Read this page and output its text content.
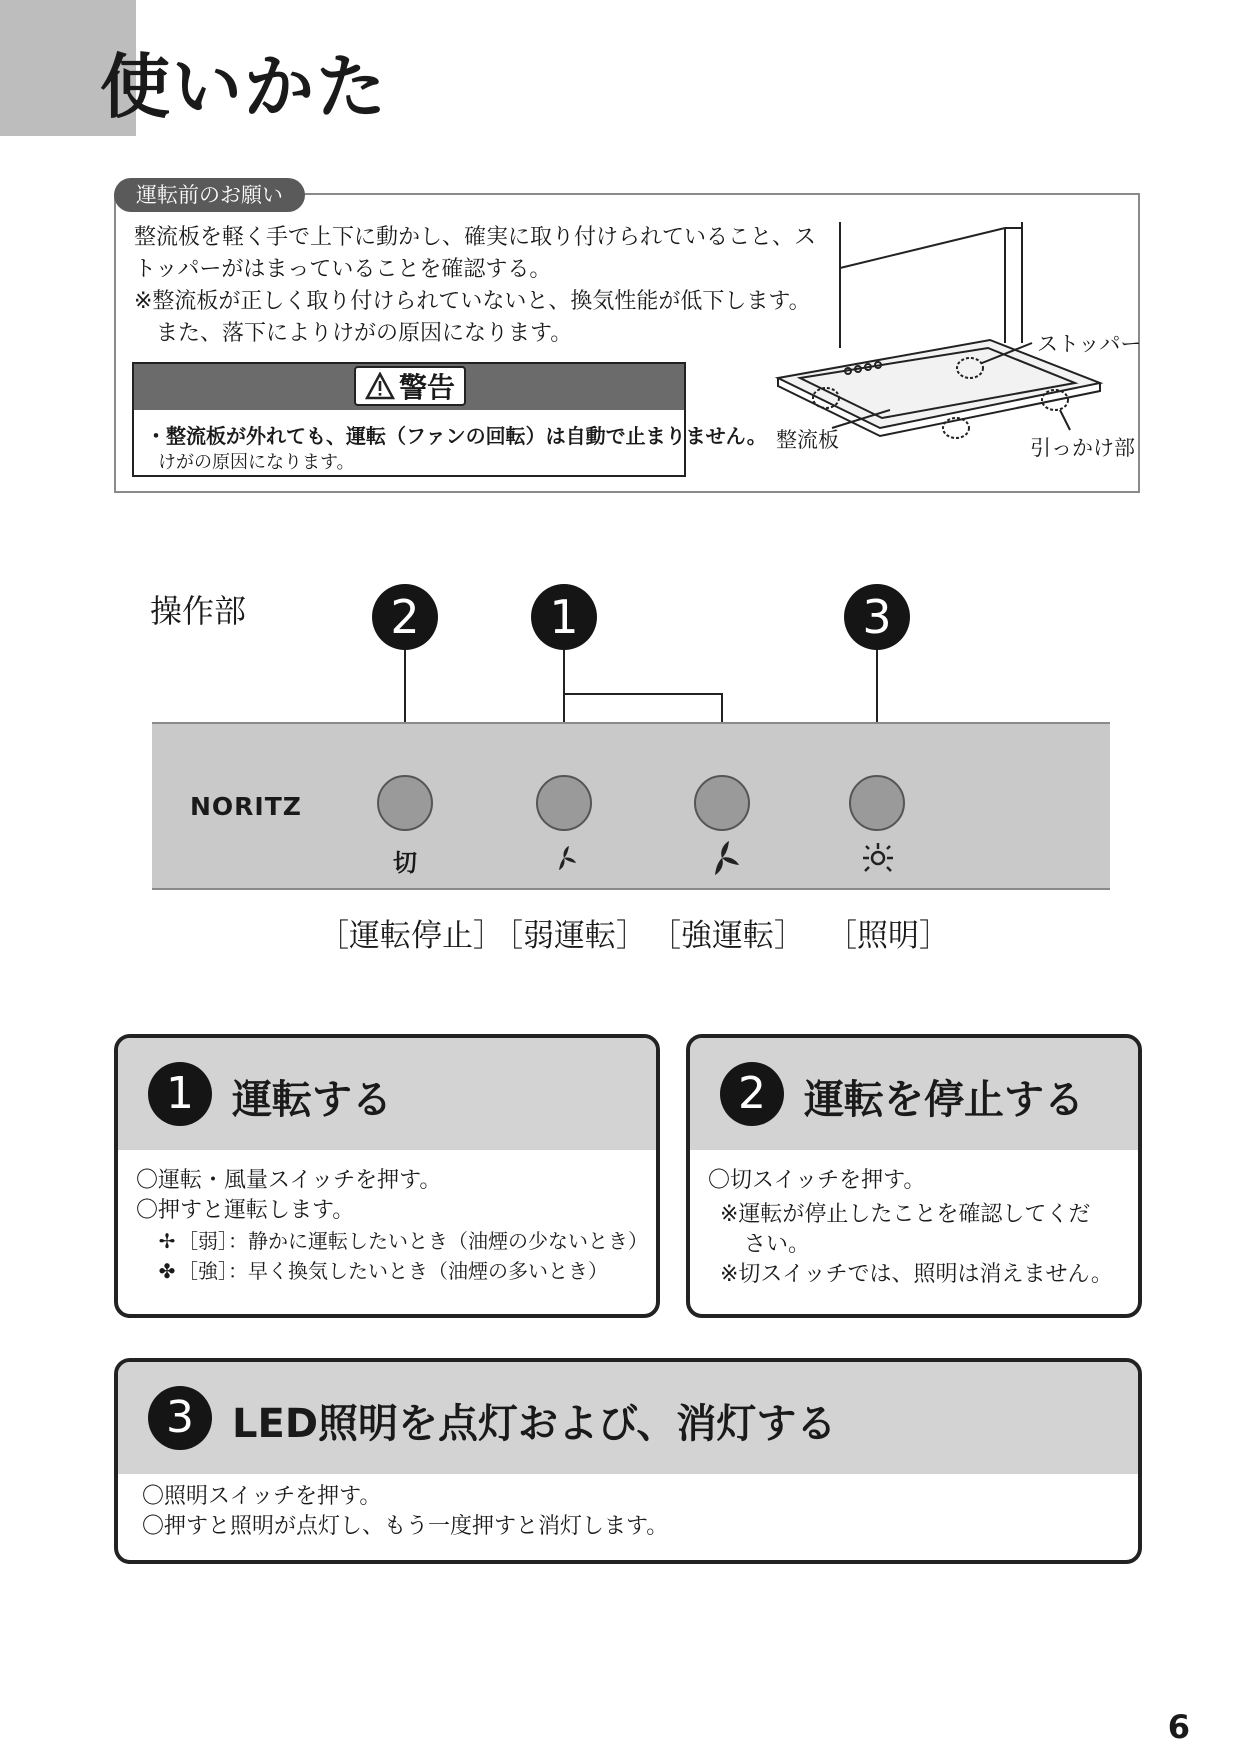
使いかた
運転前のお願い

整流板を軽く手で上下に動かし、確実に取り付けられていること、ス

トッパーがはまっていることを確認する。

※整流板が正しく取り付けられていないと、換気性能が低下します。

また、落下によりけがの原因になります。

警告
・整流板が外れても、運転（ファンの回転）は自動で止まりません。
けがの原因になります。
ストッパー
整流板	引っかけ部
操作部	2	1	3
NORITZ
切
［運転停止］
［弱運転］ ［強運転］ ［照明］
1 運転する

〇運転・風量スイッチを押す。

〇押すと運転します。

✢ ［弱］：静かに運転したいとき（油煙の少ないとき）

✤ ［強］：早く換気したいとき（油煙の多いとき）

2 運転を停止する

〇切スイッチを押す。

※運転が停止したことを確認してくだ

さい。

※切スイッチでは、照明は消えません。

3 LED照明を点灯および、消灯する

〇照明スイッチを押す。

〇押すと照明が点灯し、もう一度押すと消灯します。

6
